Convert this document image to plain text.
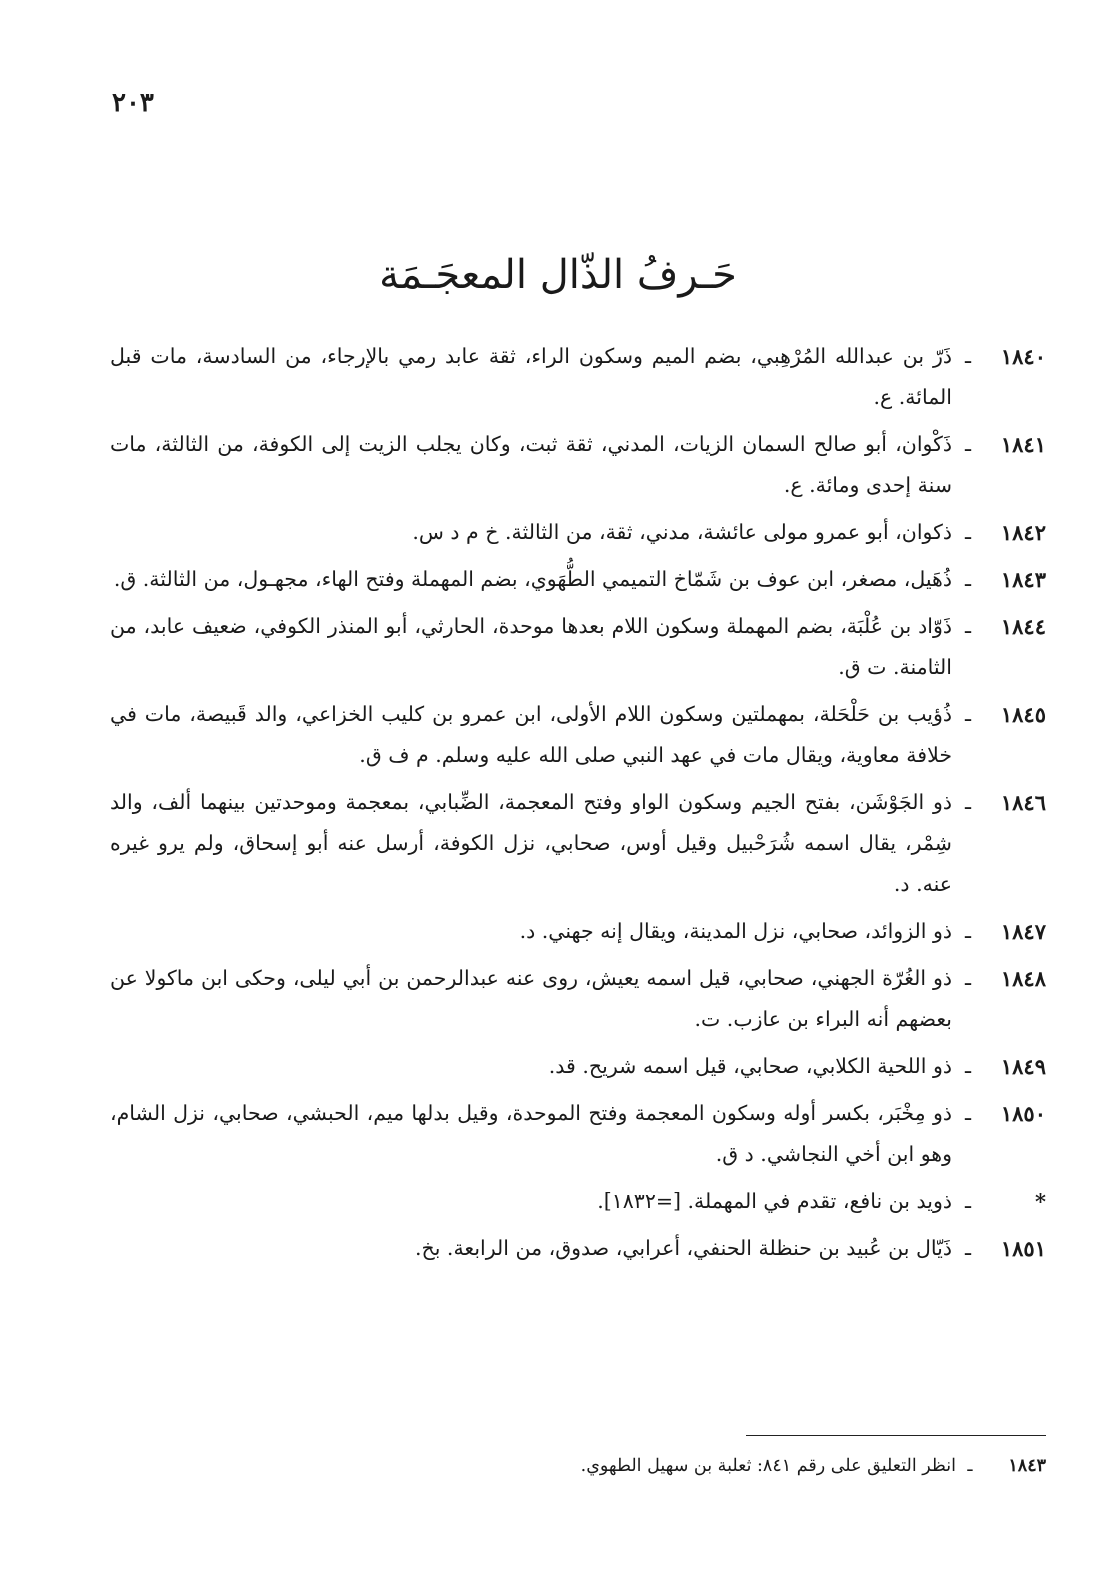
٢٠٣
حَـرفُ الذّال المعجَـمَة
١٨٤٠
ـ
ذَرّ بن عبدالله المُرْهِبي، بضم الميم وسكون الراء، ثقة عابد رمي بالإرجاء، من السادسة، مات قبل المائة. ع.
١٨٤١
ـ
ذَكْوان، أبو صالح السمان الزيات، المدني، ثقة ثبت، وكان يجلب الزيت إلى الكوفة، من الثالثة، مات سنة إحدى ومائة. ع.
١٨٤٢
ـ
ذكوان، أبو عمرو مولى عائشة، مدني، ثقة، من الثالثة. خ م د س.
١٨٤٣
ـ
ذُهَيل، مصغر، ابن عوف بن شَمّاخ التميمي الطُّهَوي، بضم المهملة وفتح الهاء، مجهـول، من الثالثة. ق.
١٨٤٤
ـ
ذَوّاد بن عُلْبَة، بضم المهملة وسكون اللام بعدها موحدة، الحارثي، أبو المنذر الكوفي، ضعيف عابد، من الثامنة. ت ق.
١٨٤٥
ـ
ذُؤيب بن حَلْحَلة، بمهملتين وسكون اللام الأولى، ابن عمرو بن كليب الخزاعي، والد قَبيصة، مات في خلافة معاوية، ويقال مات في عهد النبي صلى الله عليه وسلم. م ف ق.
١٨٤٦
ـ
ذو الجَوْشَن، بفتح الجيم وسكون الواو وفتح المعجمة، الضِّبابي، بمعجمة وموحدتين بينهما ألف، والد شِمْر، يقال اسمه شُرَحْبيل وقيل أوس، صحابي، نزل الكوفة، أرسل عنه أبو إسحاق، ولم يرو غيره عنه. د.
١٨٤٧
ـ
ذو الزوائد، صحابي، نزل المدينة، ويقال إنه جهني. د.
١٨٤٨
ـ
ذو الغُرّة الجهني، صحابي، قيل اسمه يعيش، روى عنه عبدالرحمن بن أبي ليلى، وحكى ابن ماكولا عن بعضهم أنه البراء بن عازب. ت.
١٨٤٩
ـ
ذو اللحية الكلابي، صحابي، قيل اسمه شريح. قد.
١٨٥٠
ـ
ذو مِخْبَر، بكسر أوله وسكون المعجمة وفتح الموحدة، وقيل بدلها ميم، الحبشي، صحابي، نزل الشام، وهو ابن أخي النجاشي. د ق.
*
ـ
ذويد بن نافع، تقدم في المهملة. [=١٨٣٢].
١٨٥١
ـ
ذَيّال بن عُبيد بن حنظلة الحنفي، أعرابي، صدوق، من الرابعة. بخ.
١٨٤٣
ـ
انظر التعليق على رقم ٨٤١: ثعلبة بن سهيل الطهوي.
